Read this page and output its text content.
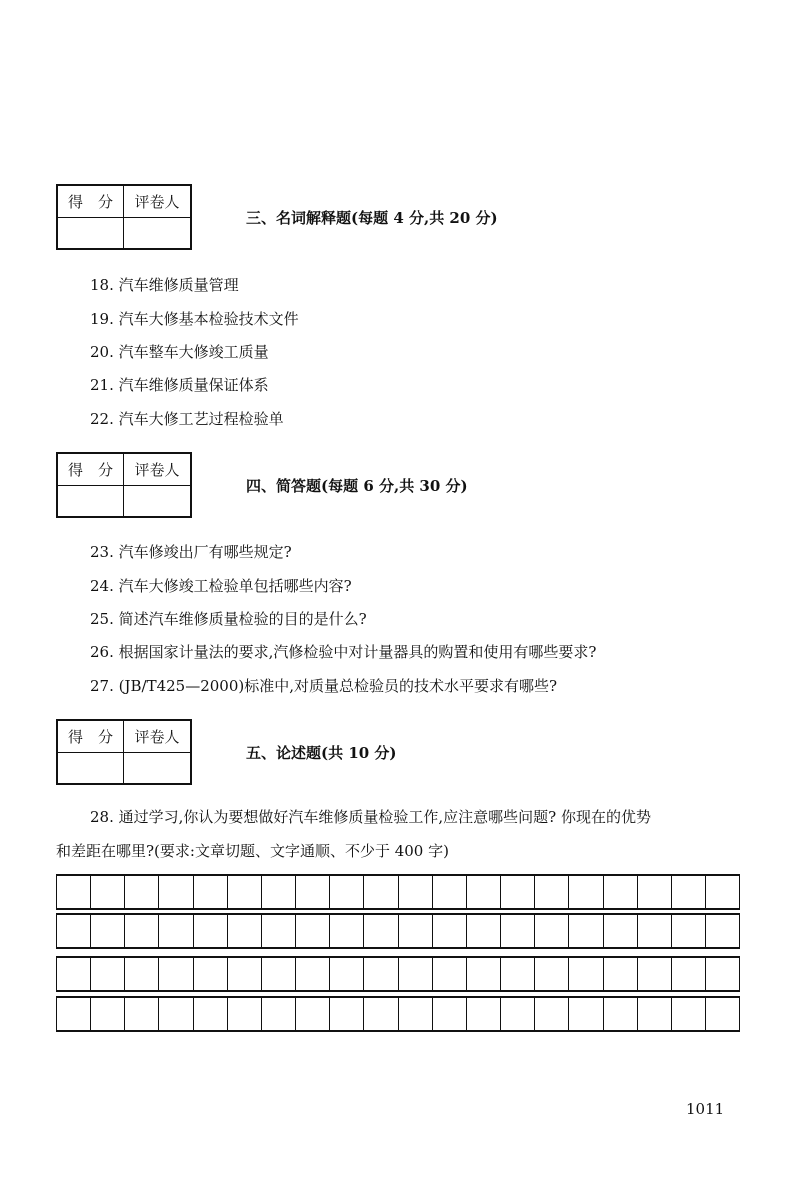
得　分	评卷人
三、名词解释题(每题 4 分,共 20 分)
18. 汽车维修质量管理
19. 汽车大修基本检验技术文件
20. 汽车整车大修竣工质量
21. 汽车维修质量保证体系
22. 汽车大修工艺过程检验单
得　分	评卷人
四、简答题(每题 6 分,共 30 分)
23. 汽车修竣出厂有哪些规定?
24. 汽车大修竣工检验单包括哪些内容?
25. 简述汽车维修质量检验的目的是什么?
26. 根据国家计量法的要求,汽修检验中对计量器具的购置和使用有哪些要求?
27. (JB/T425—2000)标准中,对质量总检验员的技术水平要求有哪些?
得　分	评卷人
五、论述题(共 10 分)
28. 通过学习,你认为要想做好汽车维修质量检验工作,应注意哪些问题? 你现在的优势
和差距在哪里?(要求:文章切题、文字通顺、不少于 400 字)
1011
